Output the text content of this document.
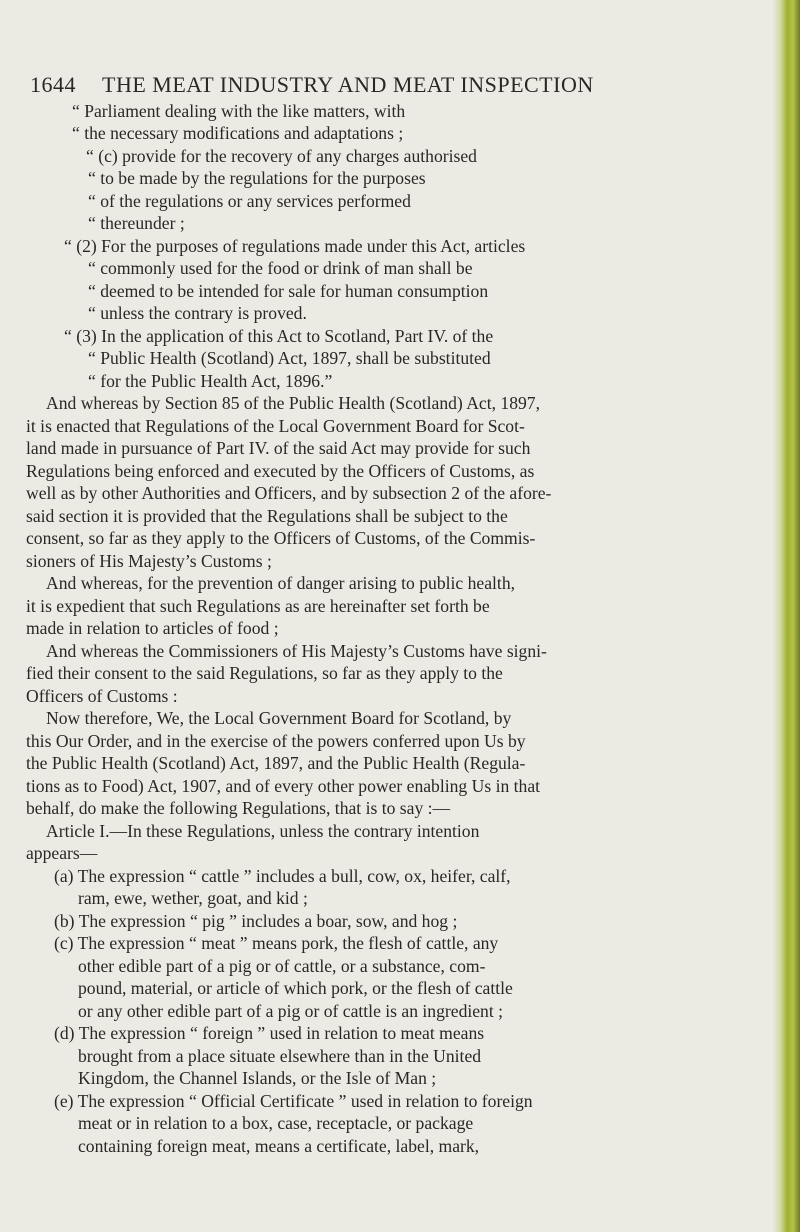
1644 THE MEAT INDUSTRY AND MEAT INSPECTION

“ Parliament dealing with the like matters, with

“ the necessary modifications and adaptations ;

“ (c) provide for the recovery of any charges authorised

“ to be made by the regulations for the purposes

“ of the regulations or any services performed

“ thereunder ;

“ (2) For the purposes of regulations made under this Act, articles

“ commonly used for the food or drink of man shall be

“ deemed to be intended for sale for human consumption

“ unless the contrary is proved.

“ (3) In the application of this Act to Scotland, Part IV. of the

“ Public Health (Scotland) Act, 1897, shall be substituted

“ for the Public Health Act, 1896.”

And whereas by Section 85 of the Public Health (Scotland) Act, 1897,

it is enacted that Regulations of the Local Government Board for Scot-

land made in pursuance of Part IV. of the said Act may provide for such

Regulations being enforced and executed by the Officers of Customs, as

well as by other Authorities and Officers, and by subsection 2 of the afore-

said section it is provided that the Regulations shall be subject to the

consent, so far as they apply to the Officers of Customs, of the Commis-

sioners of His Majesty’s Customs ;

And whereas, for the prevention of danger arising to public health,

it is expedient that such Regulations as are hereinafter set forth be

made in relation to articles of food ;

And whereas the Commissioners of His Majesty’s Customs have signi-

fied their consent to the said Regulations, so far as they apply to the

Officers of Customs :

Now therefore, We, the Local Government Board for Scotland, by

this Our Order, and in the exercise of the powers conferred upon Us by

the Public Health (Scotland) Act, 1897, and the Public Health (Regula-

tions as to Food) Act, 1907, and of every other power enabling Us in that

behalf, do make the following Regulations, that is to say :—

Article I.—In these Regulations, unless the contrary intention

appears—

(a) The expression “ cattle ” includes a bull, cow, ox, heifer, calf,

ram, ewe, wether, goat, and kid ;

(b) The expression “ pig ” includes a boar, sow, and hog ;

(c) The expression “ meat ” means pork, the flesh of cattle, any

other edible part of a pig or of cattle, or a substance, com-

pound, material, or article of which pork, or the flesh of cattle

or any other edible part of a pig or of cattle is an ingredient ;

(d) The expression “ foreign ” used in relation to meat means

brought from a place situate elsewhere than in the United

Kingdom, the Channel Islands, or the Isle of Man ;

(e) The expression “ Official Certificate ” used in relation to foreign

meat or in relation to a box, case, receptacle, or package

containing foreign meat, means a certificate, label, mark,
